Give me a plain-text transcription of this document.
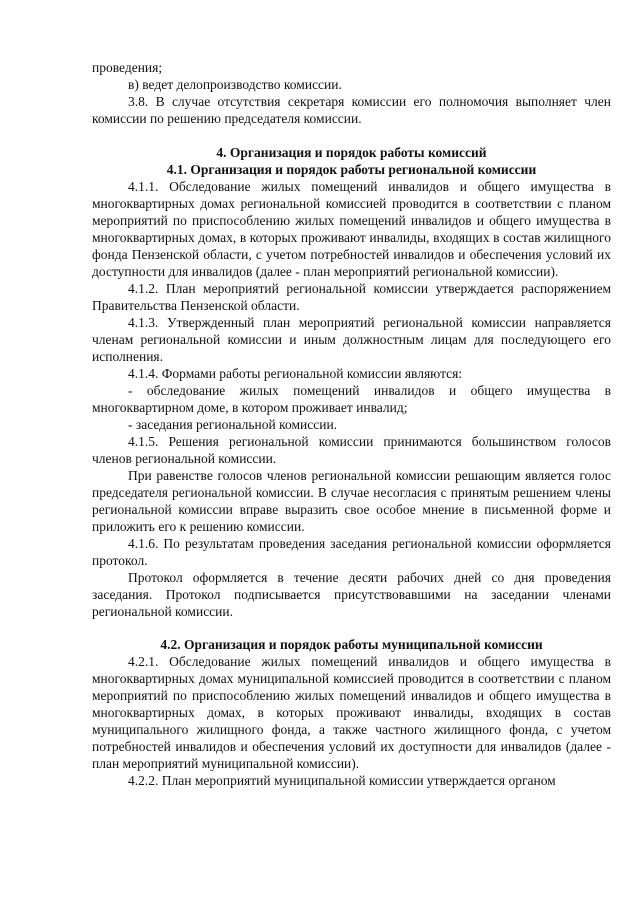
проведения;

в) ведет делопроизводство комиссии.

3.8. В случае отсутствия секретаря комиссии его полномочия выполняет член комиссии по решению председателя комиссии.

4. Организация и порядок работы комиссий

4.1. Организация и порядок работы региональной комиссии

4.1.1. Обследование жилых помещений инвалидов и общего имущества в многоквартирных домах региональной комиссией проводится в соответствии с планом мероприятий по приспособлению жилых помещений инвалидов и общего имущества в многоквартирных домах, в которых проживают инвалиды, входящих в состав жилищного фонда Пензенской области, с учетом потребностей инвалидов и обеспечения условий их доступности для инвалидов (далее - план мероприятий региональной комиссии).

4.1.2. План мероприятий региональной комиссии утверждается распоряжением Правительства Пензенской области.

4.1.3. Утвержденный план мероприятий региональной комиссии направляется членам региональной комиссии и иным должностным лицам для последующего его исполнения.

4.1.4. Формами работы региональной комиссии являются:

- обследование жилых помещений инвалидов и общего имущества в многоквартирном доме, в котором проживает инвалид;

- заседания региональной комиссии.

4.1.5. Решения региональной комиссии принимаются большинством голосов членов региональной комиссии.

При равенстве голосов членов региональной комиссии решающим является голос председателя региональной комиссии. В случае несогласия с принятым решением члены региональной комиссии вправе выразить свое особое мнение в письменной форме и приложить его к решению комиссии.

4.1.6. По результатам проведения заседания региональной комиссии оформляется протокол.

Протокол оформляется в течение десяти рабочих дней со дня проведения заседания. Протокол подписывается присутствовавшими на заседании членами региональной комиссии.

4.2. Организация и порядок работы муниципальной комиссии

4.2.1. Обследование жилых помещений инвалидов и общего имущества в многоквартирных домах муниципальной комиссией проводится в соответствии с планом мероприятий по приспособлению жилых помещений инвалидов и общего имущества в многоквартирных домах, в которых проживают инвалиды, входящих в состав муниципального жилищного фонда, а также частного жилищного фонда, с учетом потребностей инвалидов и обеспечения условий их доступности для инвалидов (далее - план мероприятий муниципальной комиссии).

4.2.2. План мероприятий муниципальной комиссии утверждается органом
